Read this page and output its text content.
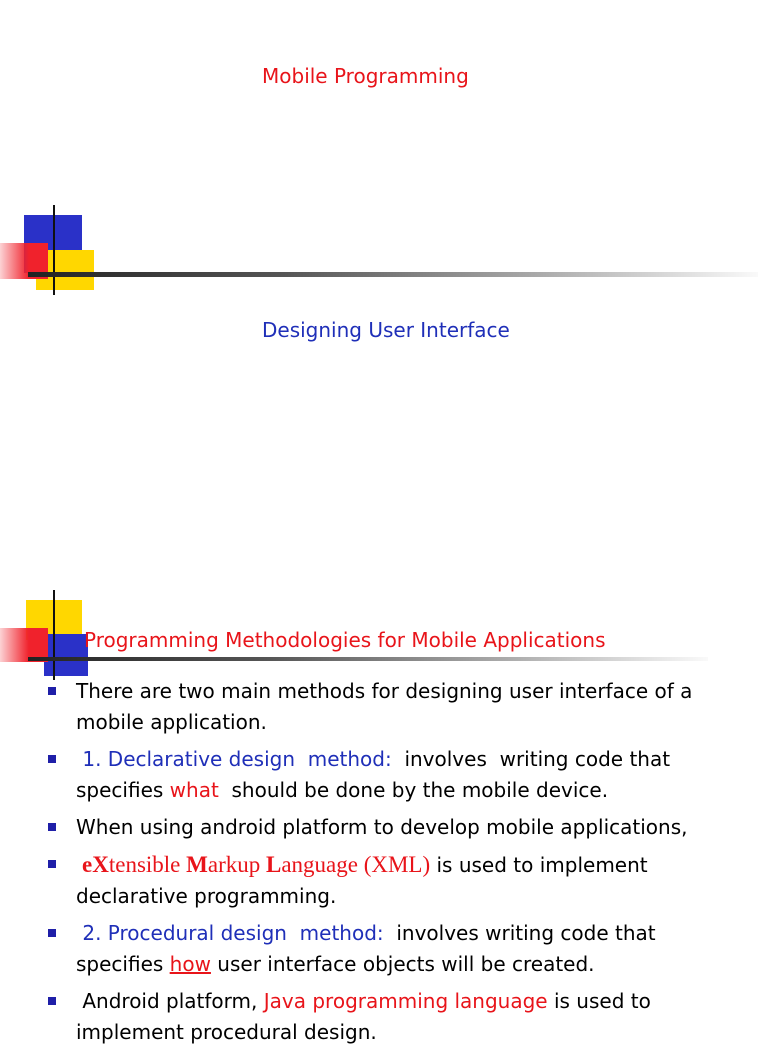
Mobile Programming
Designing User Interface
Programming Methodologies for Mobile Applications
There are two main methods for designing user interface of a mobile application.
1. Declarative design  method:  involves  writing code that specifies what  should be done by the mobile device.
When using android platform to develop mobile applications,
eXtensible Markup Language (XML) is used to implement declarative programming.
2. Procedural design  method:  involves writing code that specifies how user interface objects will be created.
Android platform, Java programming language is used to implement procedural design.
